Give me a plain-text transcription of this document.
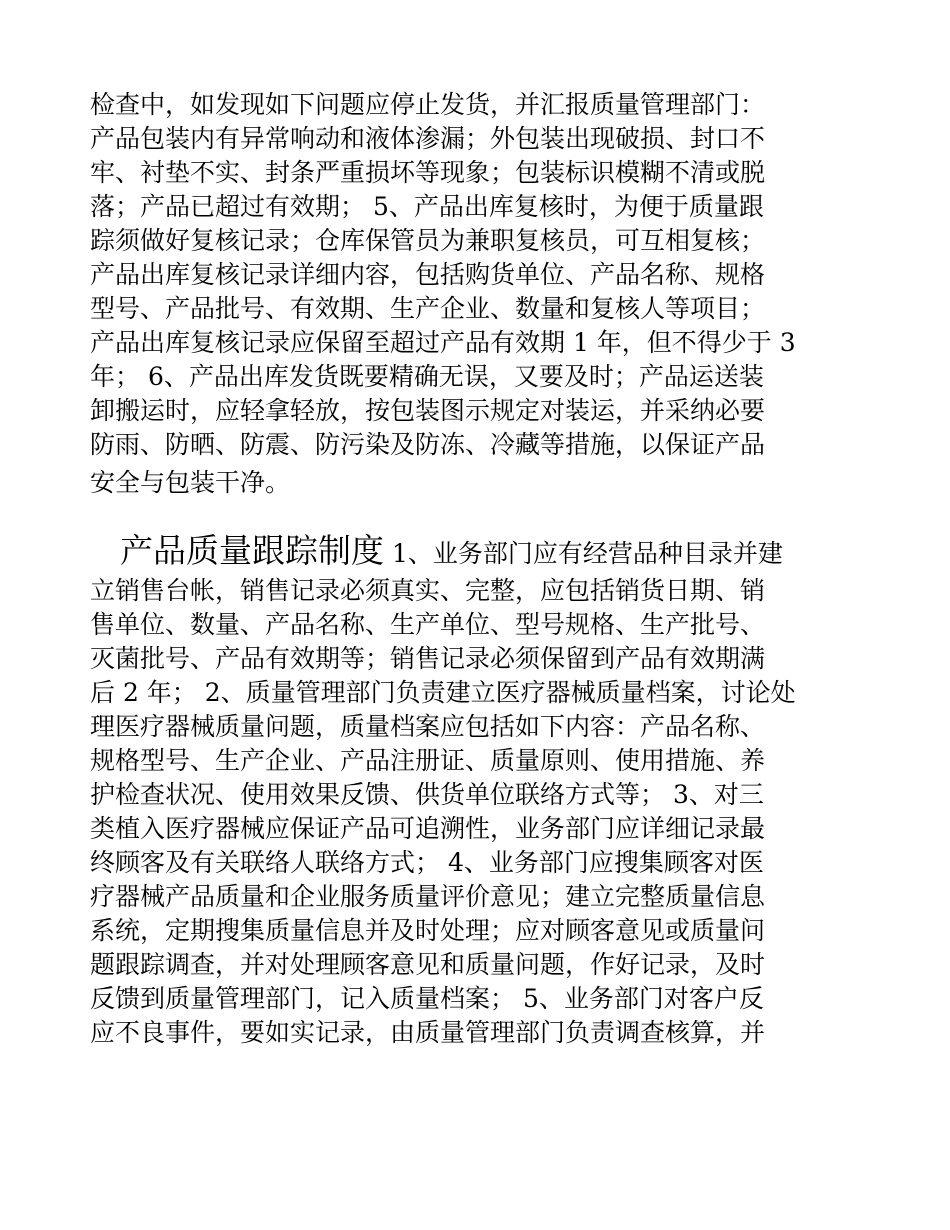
检查中，如发现如下问题应停止发货，并汇报质量管理部门：

产品包装内有异常响动和液体渗漏；外包装出现破损、封口不

牢、衬垫不实、封条严重损坏等现象；包装标识模糊不清或脱

落；产品已超过有效期； 5、产品出库复核时，为便于质量跟

踪须做好复核记录；仓库保管员为兼职复核员，可互相复核；

产品出库复核记录详细内容，包括购货单位、产品名称、规格

型号、产品批号、有效期、生产企业、数量和复核人等项目；

产品出库复核记录应保留至超过产品有效期 1 年，但不得少于 3

年； 6、产品出库发货既要精确无误，又要及时；产品运送装

卸搬运时，应轻拿轻放，按包装图示规定对装运，并采纳必要

防雨、防晒、防震、防污染及防冻、冷藏等措施，以保证产品

安全与包装干净。

产品质量跟踪制度 1、业务部门应有经营品种目录并建

立销售台帐，销售记录必须真实、完整，应包括销货日期、销

售单位、数量、产品名称、生产单位、型号规格、生产批号、

灭菌批号、产品有效期等；销售记录必须保留到产品有效期满

后 2 年； 2、质量管理部门负责建立医疗器械质量档案，讨论处

理医疗器械质量问题，质量档案应包括如下内容：产品名称、

规格型号、生产企业、产品注册证、质量原则、使用措施、养

护检查状况、使用效果反馈、供货单位联络方式等； 3、对三

类植入医疗器械应保证产品可追溯性，业务部门应详细记录最

终顾客及有关联络人联络方式； 4、业务部门应搜集顾客对医

疗器械产品质量和企业服务质量评价意见；建立完整质量信息

系统，定期搜集质量信息并及时处理；应对顾客意见或质量问

题跟踪调查，并对处理顾客意见和质量问题，作好记录，及时

反馈到质量管理部门，记入质量档案； 5、业务部门对客户反

应不良事件，要如实记录，由质量管理部门负责调查核算，并
